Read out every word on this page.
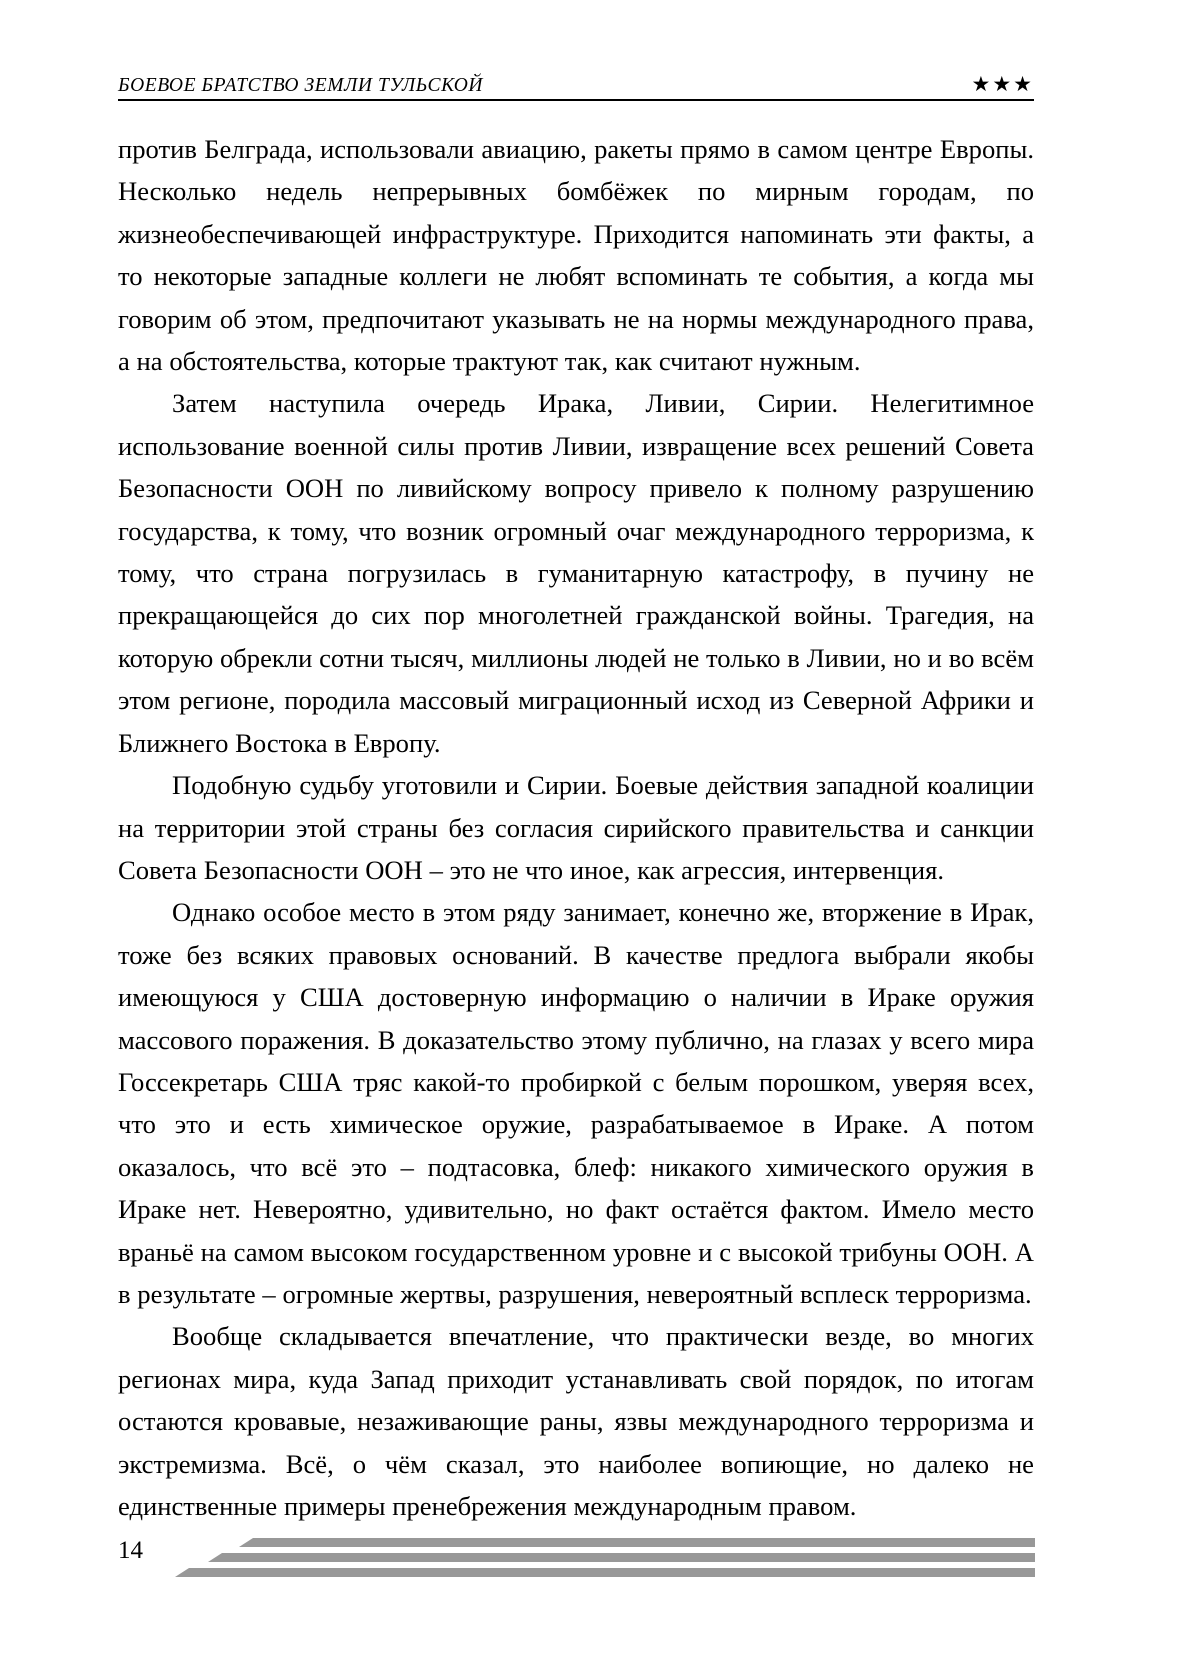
БОЕВОЕ БРАТСТВО ЗЕМЛИ ТУЛЬСКОЙ	★★★

против Белграда, использовали авиацию, ракеты прямо в самом центре Европы. Несколько недель непрерывных бомбёжек по мирным городам, по жизнеобеспечивающей инфраструктуре. Приходится напоминать эти факты, а то некоторые западные коллеги не любят вспоминать те события, а когда мы говорим об этом, предпочитают указывать не на нормы международного права, а на обстоятельства, которые трактуют так, как считают нужным.

Затем наступила очередь Ирака, Ливии, Сирии. Нелегитимное использование военной силы против Ливии, извращение всех решений Совета Безопасности ООН по ливийскому вопросу привело к полному разрушению государства, к тому, что возник огромный очаг международного терроризма, к тому, что страна погрузилась в гуманитарную катастрофу, в пучину не прекращающейся до сих пор многолетней гражданской войны. Трагедия, на которую обрекли сотни тысяч, миллионы людей не только в Ливии, но и во всём этом регионе, породила массовый миграционный исход из Северной Африки и Ближнего Востока в Европу.

Подобную судьбу уготовили и Сирии. Боевые действия западной коалиции на территории этой страны без согласия сирийского правительства и санкции Совета Безопасности ООН – это не что иное, как агрессия, интервенция.

Однако особое место в этом ряду занимает, конечно же, вторжение в Ирак, тоже без всяких правовых оснований. В качестве предлога выбрали якобы имеющуюся у США достоверную информацию о наличии в Ираке оружия массового поражения. В доказательство этому публично, на глазах у всего мира Госсекретарь США тряс какой-то пробиркой с белым порошком, уверяя всех, что это и есть химическое оружие, разрабатываемое в Ираке. А потом оказалось, что всё это – подтасовка, блеф: никакого химического оружия в Ираке нет. Невероятно, удивительно, но факт остаётся фактом. Имело место враньё на самом высоком государственном уровне и с высокой трибуны ООН. А в результате – огромные жертвы, разрушения, невероятный всплеск терроризма.

Вообще складывается впечатление, что практически везде, во многих регионах мира, куда Запад приходит устанавливать свой порядок, по итогам остаются кровавые, незаживающие раны, язвы международного терроризма и экстремизма. Всё, о чём сказал, это наиболее вопиющие, но далеко не единственные примеры пренебрежения международным правом.

14
